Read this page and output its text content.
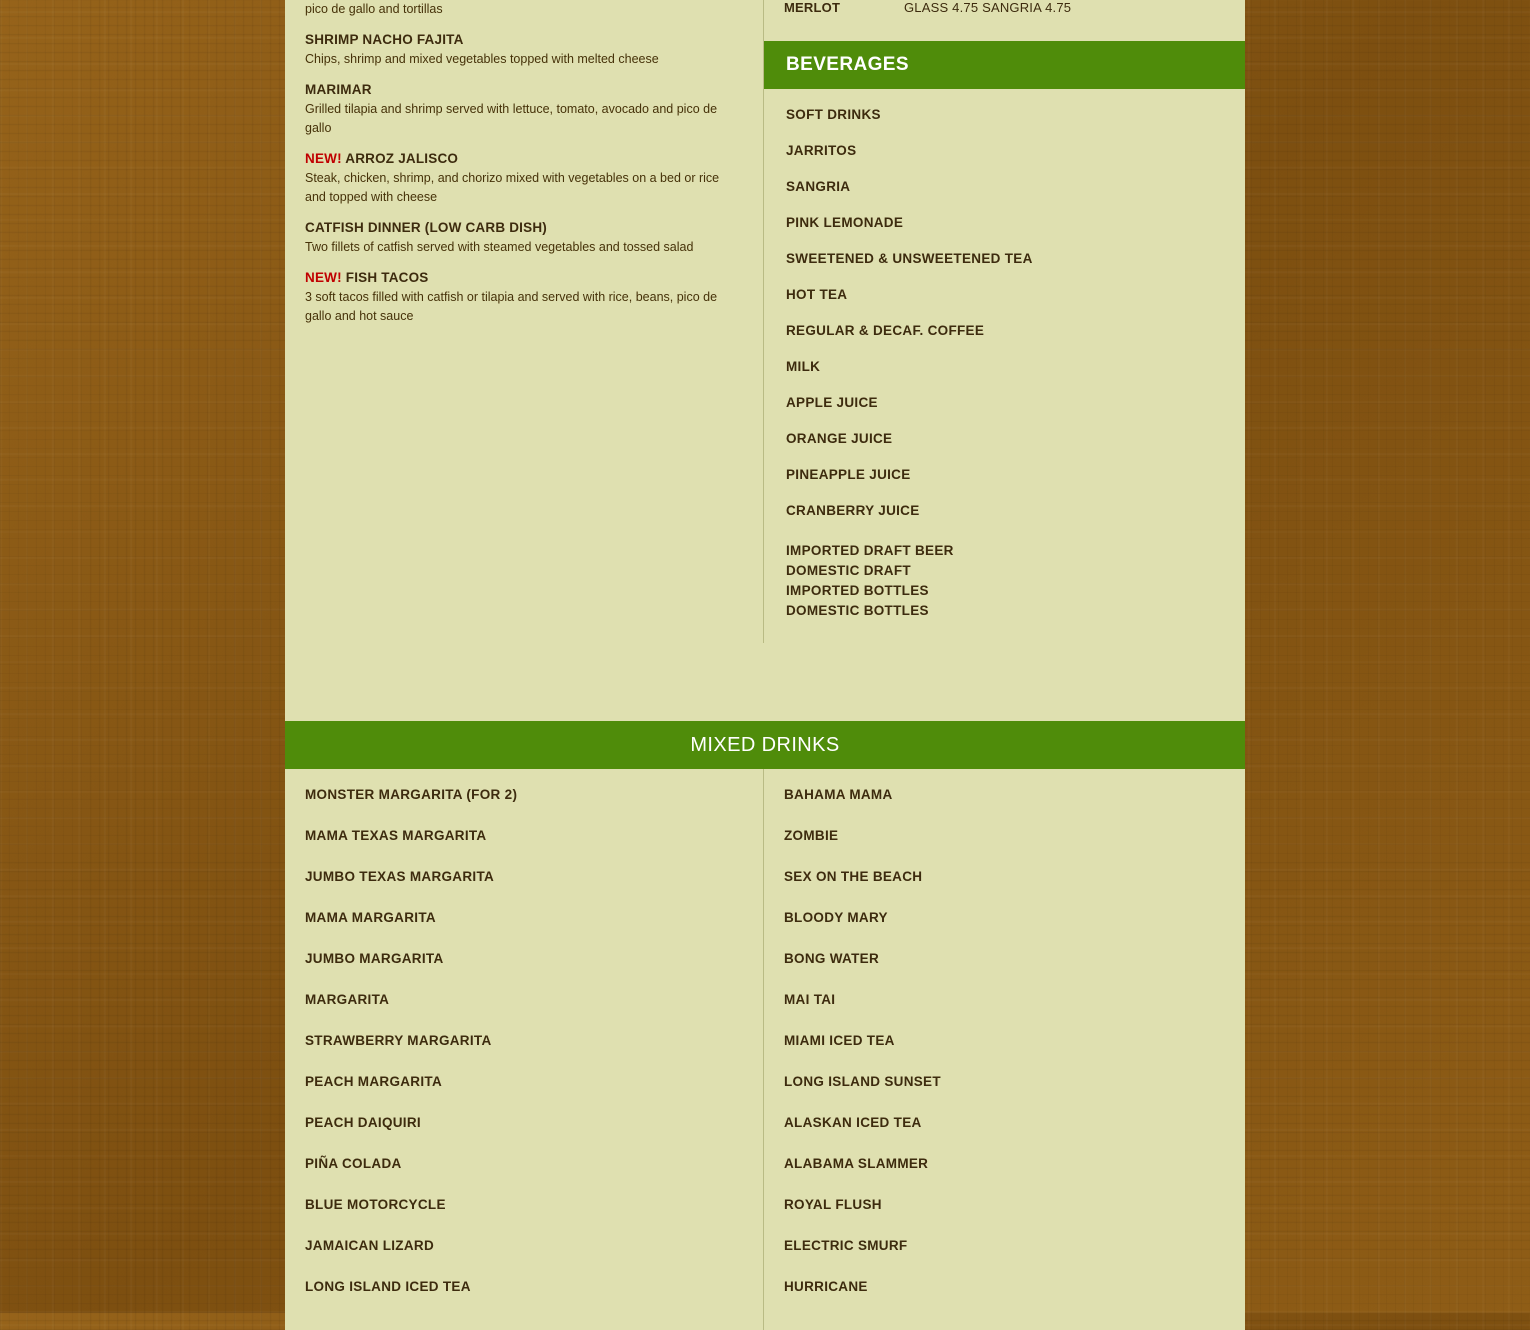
pico de gallo and tortillas
SHRIMP NACHO FAJITA
Chips, shrimp and mixed vegetables topped with melted cheese
MARIMAR
Grilled tilapia and shrimp served with lettuce, tomato, avocado and pico de gallo
NEW! ARROZ JALISCO
Steak, chicken, shrimp, and chorizo mixed with vegetables on a bed or rice and topped with cheese
CATFISH DINNER (LOW CARB DISH)
Two fillets of catfish served with steamed vegetables and tossed salad
NEW! FISH TACOS
3 soft tacos filled with catfish or tilapia and served with rice, beans, pico de gallo and hot sauce
MERLOT	GLASS 4.75 SANGRIA 4.75
BEVERAGES
SOFT DRINKS
JARRITOS
SANGRIA
PINK LEMONADE
SWEETENED & UNSWEETENED TEA
HOT TEA
REGULAR & DECAF. COFFEE
MILK
APPLE JUICE
ORANGE JUICE
PINEAPPLE JUICE
CRANBERRY JUICE
IMPORTED DRAFT BEER
DOMESTIC DRAFT
IMPORTED BOTTLES
DOMESTIC BOTTLES
MIXED DRINKS
MONSTER MARGARITA (FOR 2)
MAMA TEXAS MARGARITA
JUMBO TEXAS MARGARITA
MAMA MARGARITA
JUMBO MARGARITA
MARGARITA
STRAWBERRY MARGARITA
PEACH MARGARITA
PEACH DAIQUIRI
PIÑA COLADA
BLUE MOTORCYCLE
JAMAICAN LIZARD
LONG ISLAND ICED TEA
BAHAMA MAMA
ZOMBIE
SEX ON THE BEACH
BLOODY MARY
BONG WATER
MAI TAI
MIAMI ICED TEA
LONG ISLAND SUNSET
ALASKAN ICED TEA
ALABAMA SLAMMER
ROYAL FLUSH
ELECTRIC SMURF
HURRICANE
